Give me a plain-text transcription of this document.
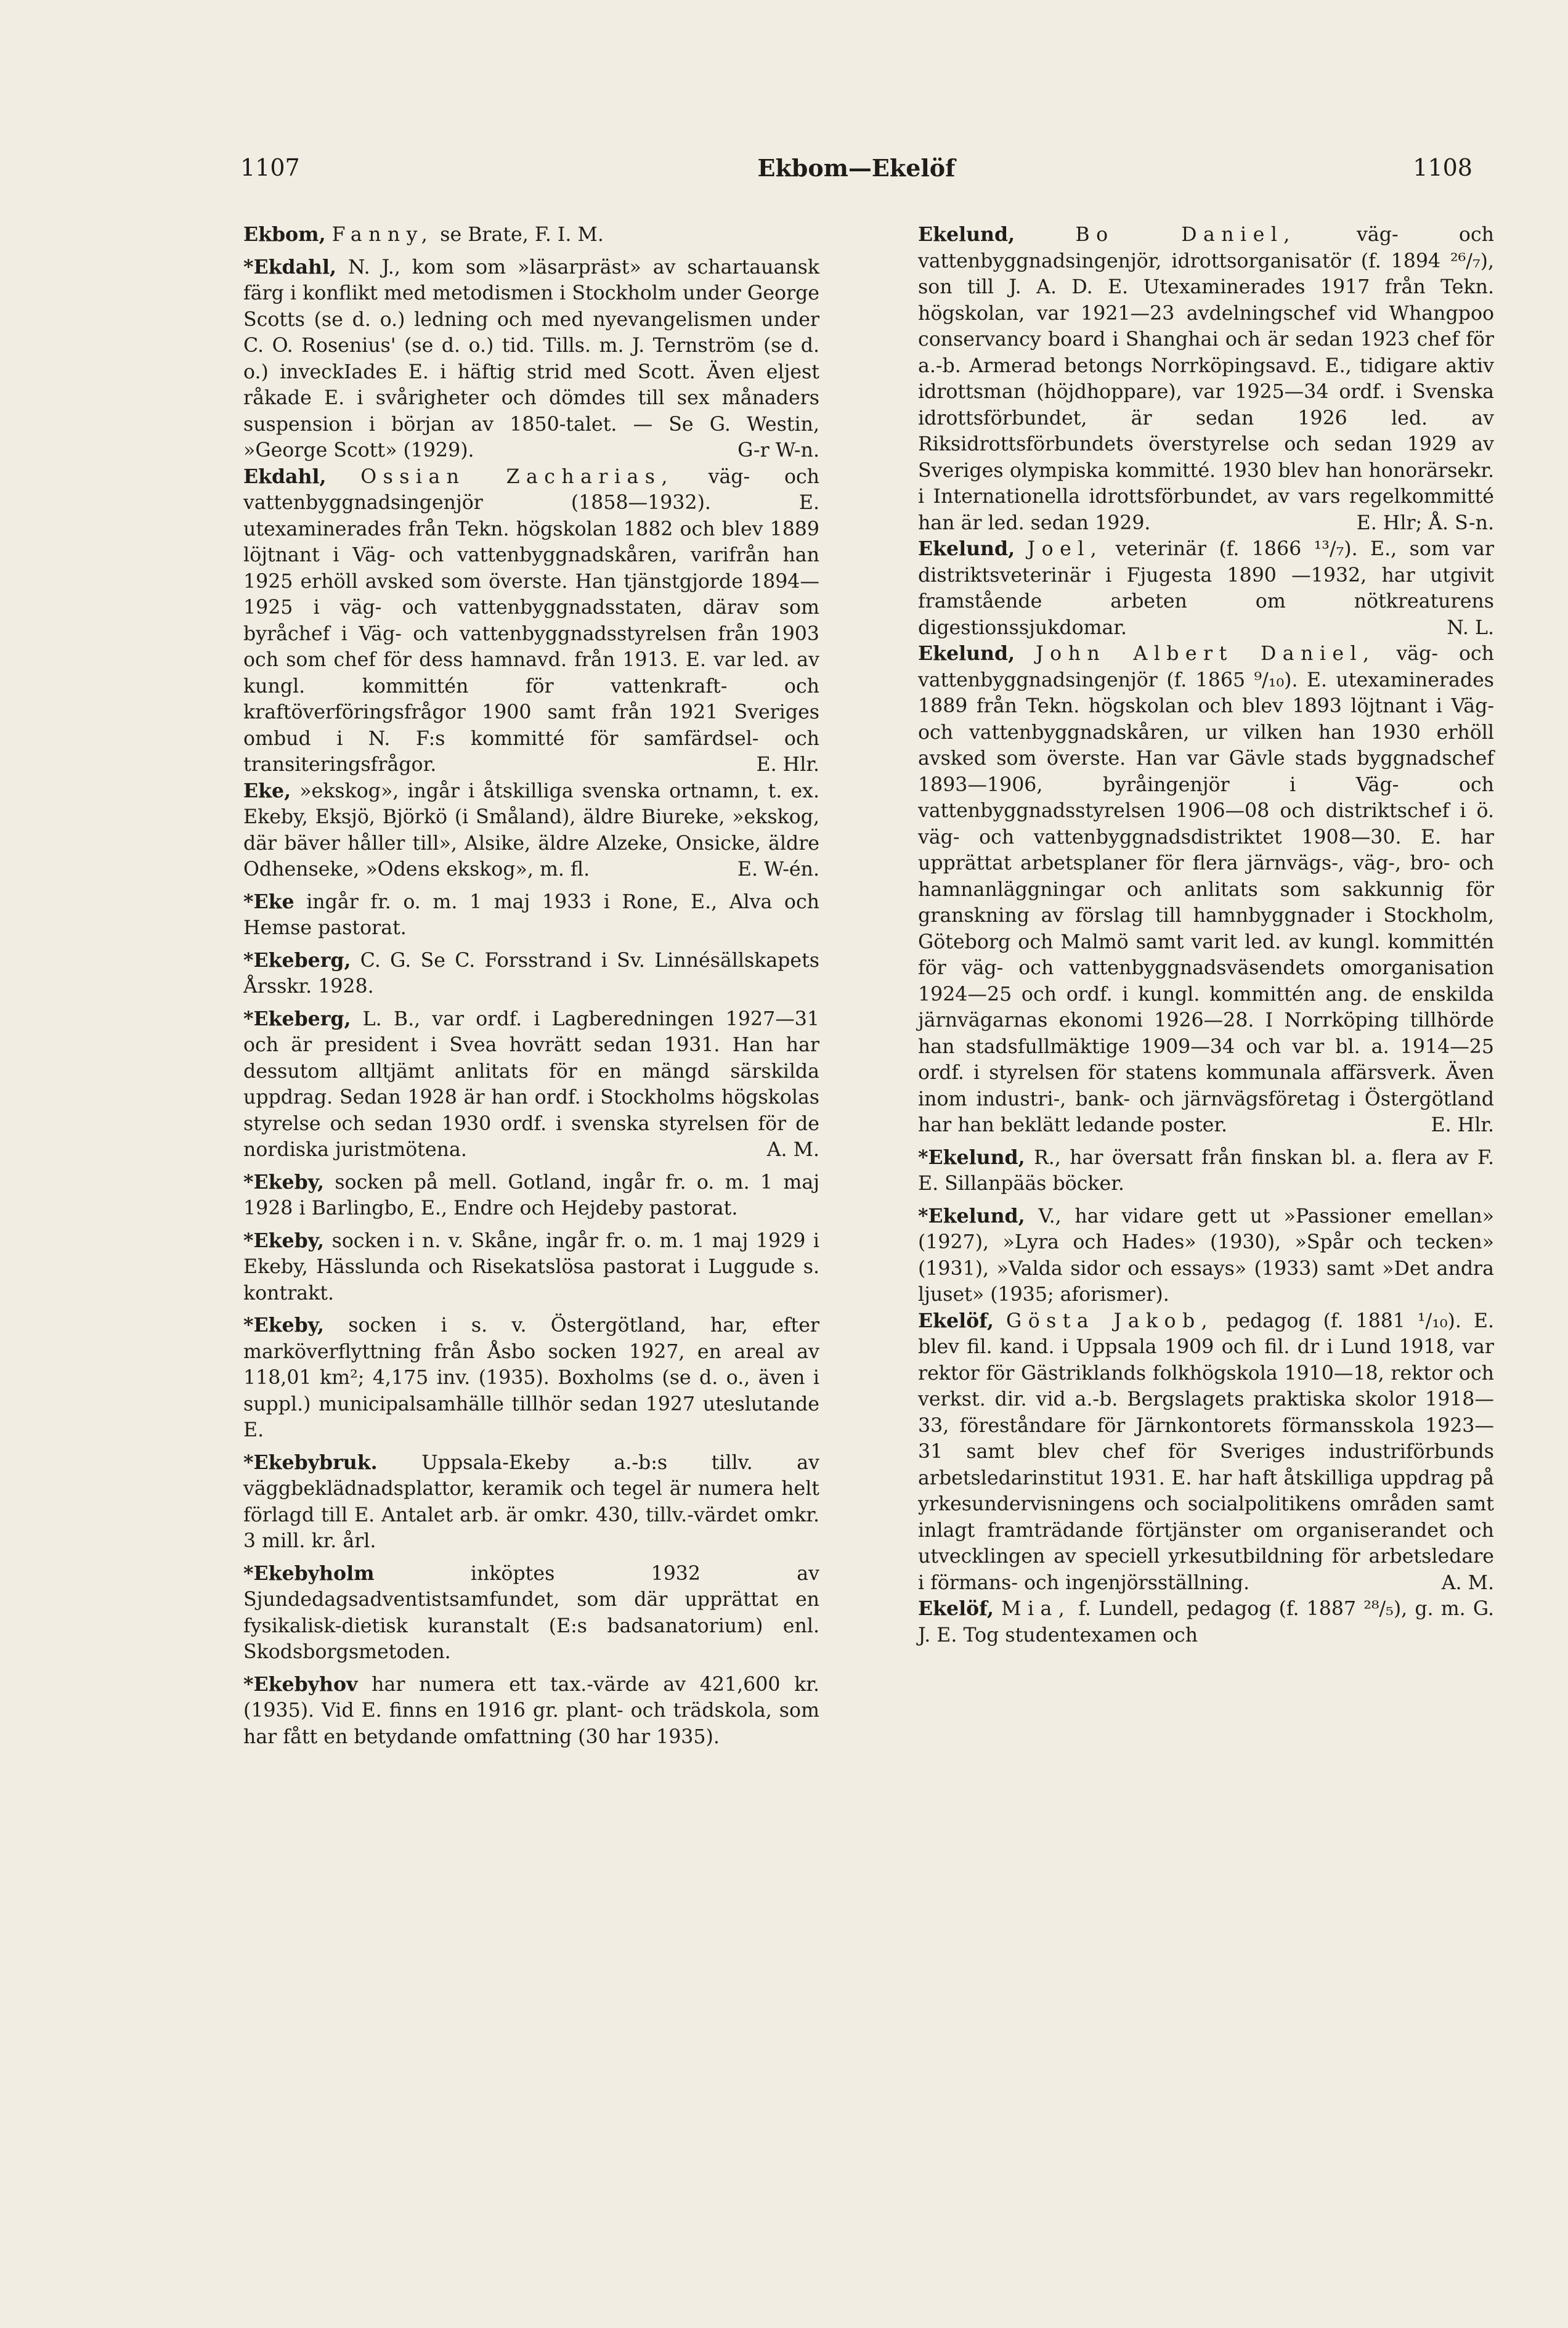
1107	Ekbom—Ekelöf	1108

Ekbom, Fanny, se Brate, F. I. M.

*Ekdahl, N. J., kom som »läsarpräst» av schartauansk färg i konflikt med metodismen i Stockholm under George Scotts (se d. o.) ledning och med nyevangelismen under C. O. Rosenius' (se d. o.) tid. Tills. m. J. Ternström (se d. o.) inveckIades E. i häftig strid med Scott. Även eljest råkade E. i svårigheter och dömdes till sex månaders suspension i början av 1850-talet. — Se G. Westin, »George Scott» (1929).	G-r W-n.

Ekdahl, Ossian Zacharias, väg- och vattenbyggnadsingenjör (1858—1932). E. utexaminerades från Tekn. högskolan 1882 och blev 1889 löjtnant i Väg- och vattenbyggnadskåren, varifrån han 1925 erhöll avsked som överste. Han tjänstgjorde 1894—1925 i väg- och vattenbyggnadsstaten, därav som byråchef i Väg- och vattenbyggnadsstyrelsen från 1903 och som chef för dess hamnavd. från 1913. E. var led. av kungl. kommittén för vattenkraft- och kraftöverföringsfrågor 1900 samt från 1921 Sveriges ombud i N. F:s kommitté för samfärdsel- och transiteringsfrågor.	E. Hlr.

Eke, »ekskog», ingår i åtskilliga svenska ortnamn, t. ex. Ekeby, Eksjö, Björkö (i Småland), äldre Biureke, »ekskog, där bäver håller till», Alsike, äldre Alzeke, Onsicke, äldre Odhenseke, »Odens ekskog», m. fl.	E. W-én.

*Eke ingår fr. o. m. 1 maj 1933 i Rone, E., Alva och Hemse pastorat.

*Ekeberg, C. G. Se C. Forsstrand i Sv. Linnésällskapets Årsskr. 1928.

*Ekeberg, L. B., var ordf. i Lagberedningen 1927—31 och är president i Svea hovrätt sedan 1931. Han har dessutom alltjämt anlitats för en mängd särskilda uppdrag. Sedan 1928 är han ordf. i Stockholms högskolas styrelse och sedan 1930 ordf. i svenska styrelsen för de nordiska juristmötena.	A. M.

*Ekeby, socken på mell. Gotland, ingår fr. o. m. 1 maj 1928 i Barlingbo, E., Endre och Hejdeby pastorat.

*Ekeby, socken i n. v. Skåne, ingår fr. o. m. 1 maj 1929 i Ekeby, Hässlunda och Risekatslösa pastorat i Luggude s. kontrakt.

*Ekeby, socken i s. v. Östergötland, har, efter marköverflyttning från Åsbo socken 1927, en areal av 118,01 km²; 4,175 inv. (1935). Boxholms (se d. o., även i suppl.) municipalsamhälle tillhör sedan 1927 uteslutande E.

*Ekebybruk. Uppsala-Ekeby a.-b:s tillv. av väggbeklädnadsplattor, keramik och tegel är numera helt förlagd till E. Antalet arb. är omkr. 430, tillv.-värdet omkr. 3 mill. kr. årl.

*Ekebyholm inköptes 1932 av Sjundedagsadventistsamfundet, som där upprättat en fysikalisk-dietisk kuranstalt (E:s badsanatorium) enl. Skodsborgsmetoden.

*Ekebyhov har numera ett tax.-värde av 421,600 kr. (1935). Vid E. finns en 1916 gr. plant- och trädskola, som har fått en betydande omfattning (30 har 1935).

Ekelund,	Bo Daniel, väg- och vattenbyggnadsingenjör, idrottsorganisatör (f. 1894 ²⁶/₇), son till J. A. D. E. Utexaminerades 1917 från Tekn. högskolan, var 1921—23 avdelningschef vid Whangpoo conservancy board i Shanghai och är sedan 1923 chef för a.-b. Armerad betongs Norrköpingsavd. E., tidigare aktiv idrottsman (höjdhoppare), var 1925—34 ordf. i Svenska idrottsförbundet, är sedan 1926 led. av Riksidrottsförbundets överstyrelse och sedan 1929 av Sveriges olympiska kommitté. 1930 blev han honorärsekr. i Internationella idrottsförbundet, av vars regelkommitté han är led. sedan 1929.	E. Hlr; Å. S-n.

Ekelund, Joel, veterinär (f. 1866 ¹³/₇). E., som var distriktsveterinär i Fjugesta 1890 —1932, har utgivit framstående arbeten om nötkreaturens digestionssjukdomar.	N. L.

Ekelund, John Albert Daniel, väg- och vattenbyggnadsingenjör (f. 1865 ⁹/₁₀). E. utexaminerades 1889 från Tekn. högskolan och blev 1893 löjtnant i Väg- och vattenbyggnadskåren, ur vilken han 1930 erhöll avsked som överste. Han var Gävle stads byggnadschef 1893—1906, byråingenjör i Väg- och vattenbyggnadsstyrelsen 1906—08 och distriktschef i ö. väg- och vattenbyggnadsdistriktet 1908—30. E. har upprättat arbetsplaner för flera järnvägs-, väg-, bro- och hamnanläggningar och anlitats som sakkunnig för granskning av förslag till hamnbyggnader i Stockholm, Göteborg och Malmö samt varit led. av kungl. kommittén för väg- och vattenbyggnadsväsendets omorganisation 1924—25 och ordf. i kungl. kommittén ang. de enskilda järnvägarnas ekonomi 1926—28. I Norrköping tillhörde han stadsfullmäktige 1909—34 och var bl. a. 1914—25 ordf. i styrelsen för statens kommunala affärsverk. Även inom industri-, bank- och järnvägsföretag i Östergötland har han beklätt ledande poster.	E. Hlr.

*Ekelund, R., har översatt från finskan bl. a. flera av F. E. Sillanpääs böcker.

*Ekelund, V., har vidare gett ut »Passioner emellan» (1927), »Lyra och Hades» (1930), »Spår och tecken» (1931), »Valda sidor och essays» (1933) samt »Det andra ljuset» (1935; aforismer).

Ekelöf, Gösta Jakob, pedagog (f. 1881 ¹/₁₀). E. blev fil. kand. i Uppsala 1909 och fil. dr i Lund 1918, var rektor för Gästriklands folkhögskola 1910—18, rektor och verkst. dir. vid a.-b. Bergslagets praktiska skolor 1918—33, föreståndare för Järnkontorets förmansskola 1923—31 samt blev chef för Sveriges industriförbunds arbetsledarinstitut 1931. E. har haft åtskilliga uppdrag på yrkesundervisningens och socialpolitikens områden samt inlagt framträdande förtjänster om organiserandet och utvecklingen av speciell yrkesutbildning för arbetsledare i förmans- och ingenjörsställning.	A. M.

Ekelöf, Mia, f. Lundell, pedagog (f. 1887 ²⁸/₅), g. m. G. J. E. Tog studentexamen och
